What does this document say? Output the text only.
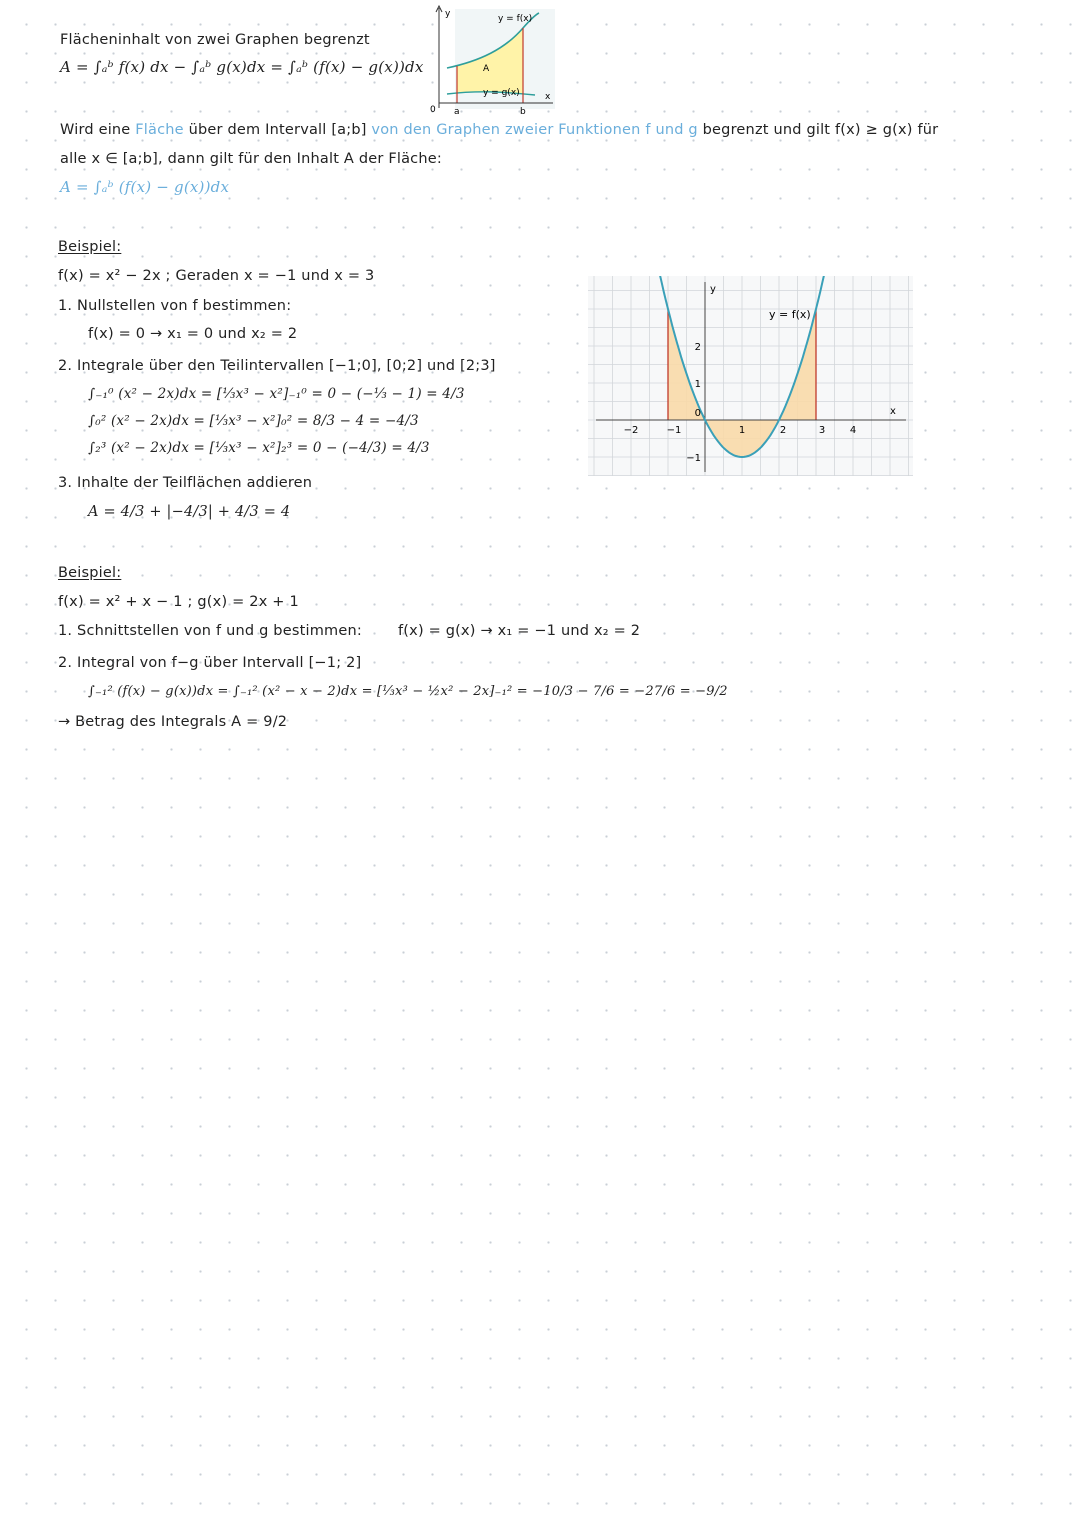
Flächeninhalt von zwei Graphen begrenzt
A = ∫ₐᵇ f(x) dx − ∫ₐᵇ g(x)dx = ∫ₐᵇ (f(x) − g(x))dx
y
x
0 a	b
A
y = f(x)
y = g(x)
Wird eine Fläche über dem Intervall [a;b] von den Graphen zweier Funktionen f und g begrenzt und gilt f(x) ≥ g(x) für
alle x ∈ [a;b], dann gilt für den Inhalt A der Fläche:
A = ∫ₐᵇ (f(x) − g(x))dx
Beispiel:
f(x) = x² − 2x ; Geraden x = −1 und x = 3
1. Nullstellen von f bestimmen:
f(x) = 0 → x₁ = 0 und x₂ = 2
2. Integrale über den Teilintervallen [−1;0], [0;2] und [2;3]
∫₋₁⁰ (x² − 2x)dx = [⅓x³ − x²]₋₁⁰ = 0 − (−⅓ − 1) = 4/3
∫₀² (x² − 2x)dx = [⅓x³ − x²]₀² = 8/3 − 4 = −4/3
∫₂³ (x² − 2x)dx = [⅓x³ − x²]₂³ = 0 − (−4/3) = 4/3
3. Inhalte der Teilflächen addieren
A = 4/3 + |−4/3| + 4/3 = 4
−2	−1	1	2	3 4
2
1
−1
0
y
x
y = f(x)
Beispiel:
f(x) = x² + x − 1 ; g(x) = 2x + 1
1. Schnittstellen von f und g bestimmen: f(x) = g(x) → x₁ = −1 und x₂ = 2
2. Integral von f−g über Intervall [−1; 2]
∫₋₁² (f(x) − g(x))dx = ∫₋₁² (x² − x − 2)dx = [⅓x³ − ½x² − 2x]₋₁² = −10/3 − 7/6 = −27/6 = −9/2
→ Betrag des Integrals A = 9/2
